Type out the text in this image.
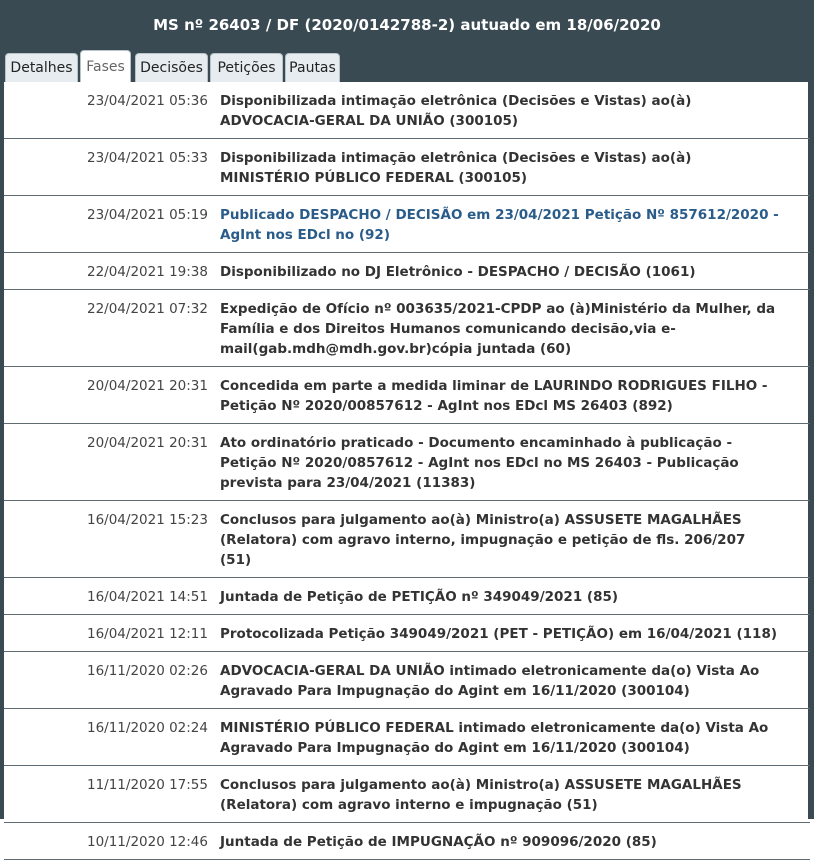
MS nº 26403 / DF (2020/0142788-2) autuado em 18/06/2020
Detalhes Fases	Decisões	Petições Pautas
23/04/2021 05:36 Disponibilizada intimação eletrônica (Decisões e Vistas) ao(à) ADVOCACIA-GERAL DA UNIÃO (300105)
23/04/2021 05:33 Disponibilizada intimação eletrônica (Decisões e Vistas) ao(à) MINISTÉRIO PÚBLICO FEDERAL (300105)
23/04/2021 05:19 Publicado DESPACHO / DECISÃO em 23/04/2021 Petição Nº 857612/2020 - AgInt nos EDcl no (92)
22/04/2021 19:38 Disponibilizado no DJ Eletrônico - DESPACHO / DECISÃO (1061)
22/04/2021 07:32 Expedição de Ofício nº 003635/2021-CPDP ao (à)Ministério da Mulher, da Família e dos Direitos Humanos comunicando decisão,via e-mail(gab.mdh@mdh.gov.br)cópia juntada (60)
20/04/2021 20:31 Concedida em parte a medida liminar de LAURINDO RODRIGUES FILHO - Petição Nº 2020/00857612 - AgInt nos EDcl MS 26403 (892)
20/04/2021 20:31 Ato ordinatório praticado - Documento encaminhado à publicação - Petição Nº 2020/0857612 - AgInt nos EDcl no MS 26403 - Publicação prevista para 23/04/2021 (11383)
16/04/2021 15:23 Conclusos para julgamento ao(à) Ministro(a) ASSUSETE MAGALHÃES (Relatora) com agravo interno, impugnação e petição de fls. 206/207 (51)
16/04/2021 14:51 Juntada de Petição de PETIÇÃO nº 349049/2021 (85)
16/04/2021 12:11 Protocolizada Petição 349049/2021 (PET - PETIÇÃO) em 16/04/2021 (118)
16/11/2020 02:26 ADVOCACIA-GERAL DA UNIÃO intimado eletronicamente da(o) Vista Ao Agravado Para Impugnação do Agint em 16/11/2020 (300104)
16/11/2020 02:24 MINISTÉRIO PÚBLICO FEDERAL intimado eletronicamente da(o) Vista Ao Agravado Para Impugnação do Agint em 16/11/2020 (300104)
11/11/2020 17:55 Conclusos para julgamento ao(à) Ministro(a) ASSUSETE MAGALHÃES (Relatora) com agravo interno e impugnação (51)
10/11/2020 12:46 Juntada de Petição de IMPUGNAÇÃO nº 909096/2020 (85)
